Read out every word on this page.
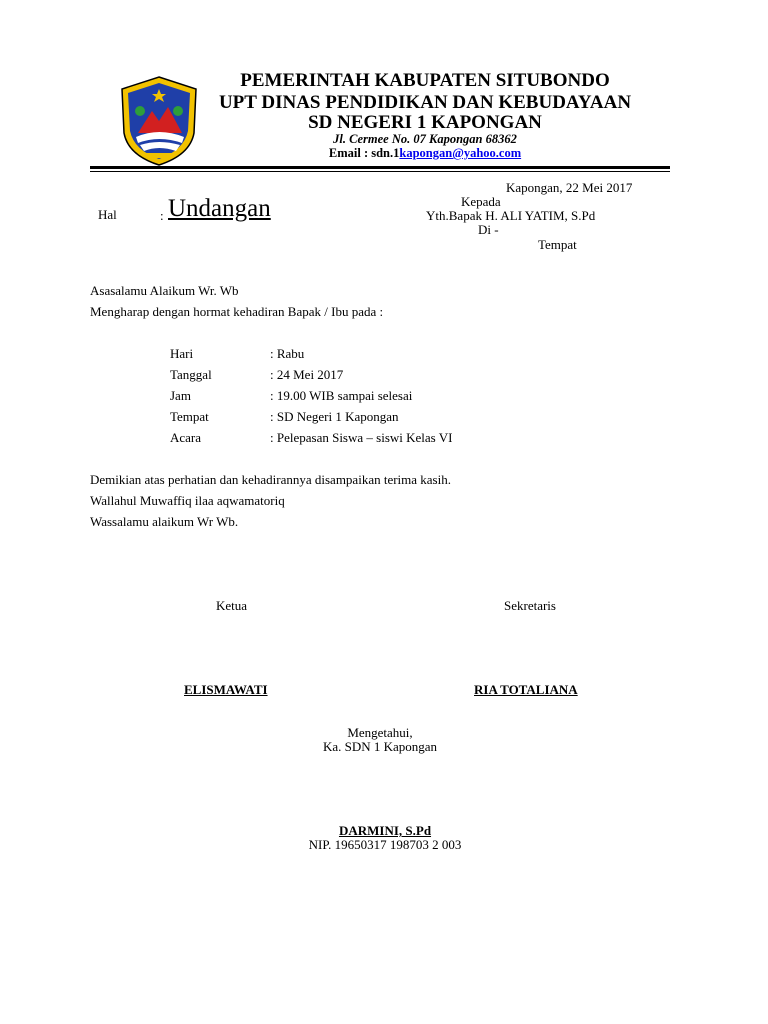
PEMERINTAH KABUPATEN SITUBONDO
UPT DINAS PENDIDIKAN DAN KEBUDAYAAN
SD NEGERI 1 KAPONGAN
Jl. Cermee No. 07 Kapongan 68362
Email : sdn.1kapongan@yahoo.com
Kapongan, 22 Mei 2017
Hal	: Undangan	Kepada
Yth.Bapak H. ALI YATIM, S.Pd
Di -
Tempat
Asasalamu Alaikum Wr. Wb
Mengharap dengan hormat kehadiran Bapak / Ibu pada :
Hari	: Rabu
Tanggal	: 24 Mei 2017
Jam	: 19.00 WIB sampai selesai
Tempat	: SD Negeri 1 Kapongan
Acara	: Pelepasan Siswa – siswi Kelas VI
Demikian atas perhatian dan kehadirannya disampaikan terima kasih.
Wallahul Muwaffiq ilaa aqwamatoriq
Wassalamu alaikum Wr Wb.
Ketua	Sekretaris
ELISMAWATI	RIA TOTALIANA
Mengetahui,
Ka. SDN 1 Kapongan
DARMINI, S.Pd
NIP. 19650317 198703 2 003
